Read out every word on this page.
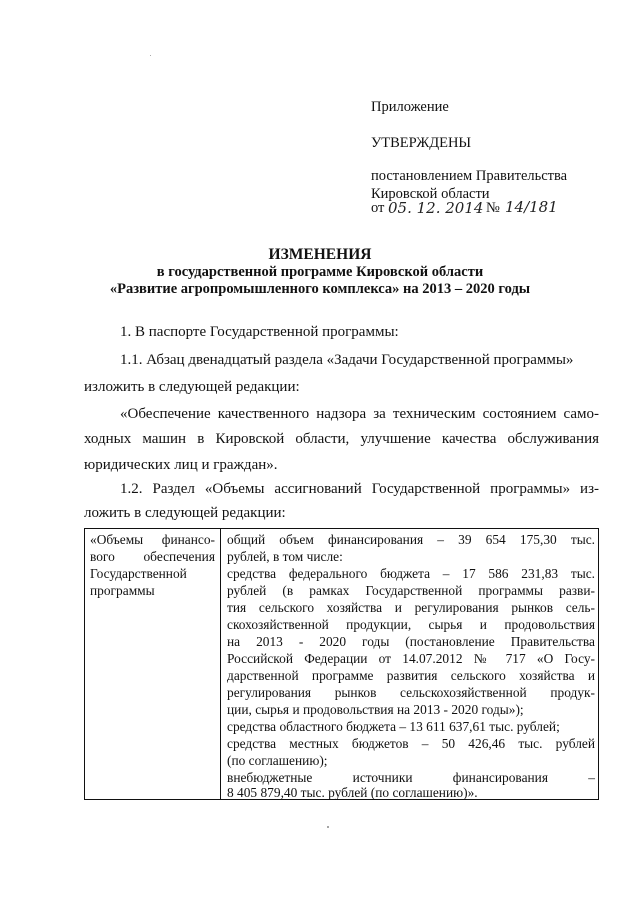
Приложение
УТВЕРЖДЕНЫ
постановлением Правительства
Кировской области
от 05. 12. 2014 № 14/181
ИЗМЕНЕНИЯ
в государственной программе Кировской области
«Развитие агропромышленного комплекса» на 2013 – 2020 годы
1. В паспорте Государственной программы:
1.1. Абзац двенадцатый раздела «Задачи Государственной программы»
изложить в следующей редакции:
«Обеспечение качественного надзора за техническим состоянием само-
ходных машин в Кировской области, улучшение качества обслуживания
юридических лиц и граждан».
1.2. Раздел «Объемы ассигнований Государственной программы» из-
ложить в следующей редакции:
«Объемы финансо-
вого обеспечения
Государственной
программы
общий объем финансирования – 39 654 175,30 тыс.
рублей, в том числе:
средства федерального бюджета – 17 586 231,83 тыс.
рублей (в рамках Государственной программы разви-
тия сельского хозяйства и регулирования рынков сель-
скохозяйственной продукции, сырья и продовольствия
на 2013 - 2020 годы (постановление Правительства
Российской Федерации от 14.07.2012 № 717 «О Госу-
дарственной программе развития сельского хозяйства и
регулирования рынков сельскохозяйственной продук-
ции, сырья и продовольствия на 2013 - 2020 годы»);
средства областного бюджета – 13 611 637,61 тыс. рублей;
средства местных бюджетов – 50 426,46 тыс. рублей
(по соглашению);
внебюджетные источники финансирования –
8 405 879,40 тыс. рублей (по соглашению)».
